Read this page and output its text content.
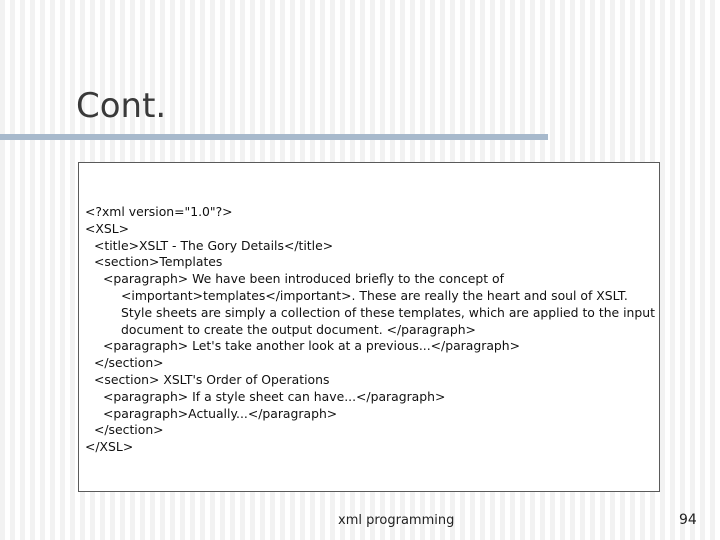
Cont.
<?xml version="1.0"?>
<XSL>
<title>XSLT - The Gory Details</title>
<section>Templates
<paragraph> We have been introduced briefly to the concept of
<important>templates</important>. These are really the heart and soul of XSLT.
Style sheets are simply a collection of these templates, which are applied to the input
document to create the output document. </paragraph>
<paragraph> Let's take another look at a previous...</paragraph>
</section>
<section> XSLT's Order of Operations
<paragraph> If a style sheet can have...</paragraph>
<paragraph>Actually...</paragraph>
</section>
</XSL>
xml programming	94
